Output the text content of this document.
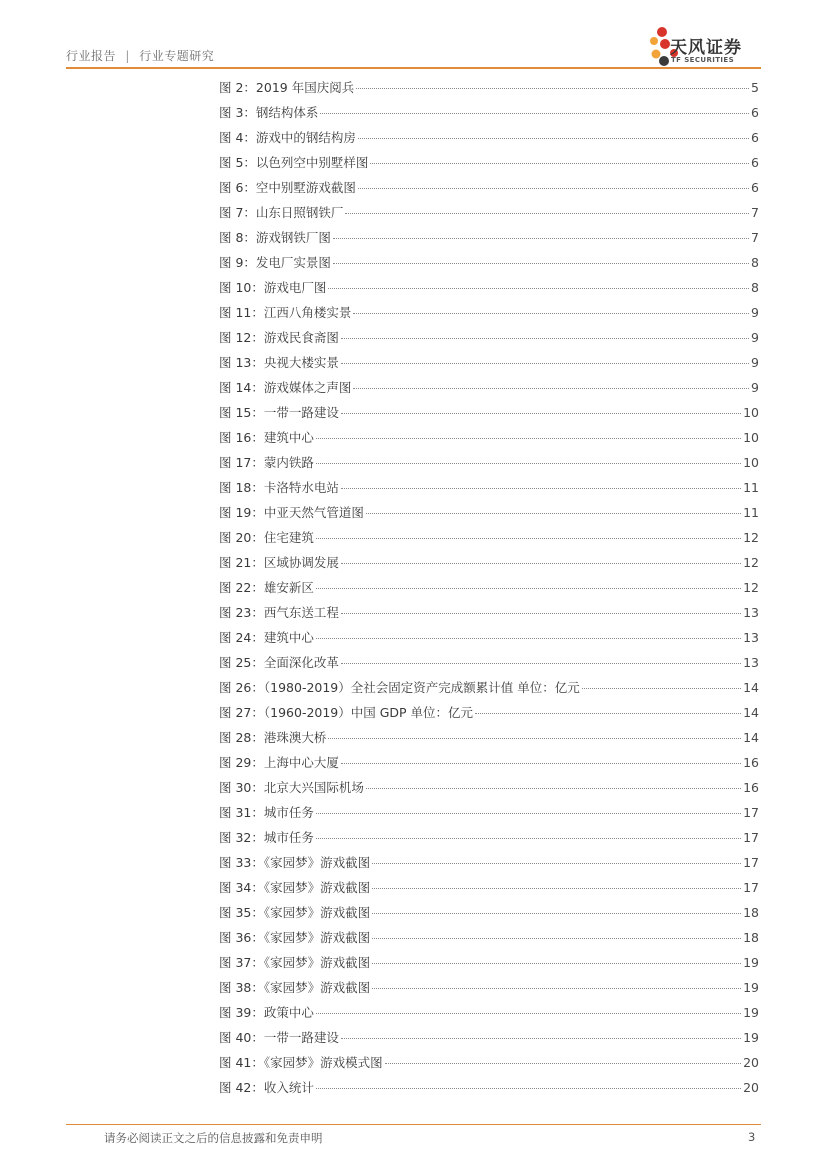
行业报告 | 行业专题研究	天风证券
TF SECURITIES
图 2：2019 年国庆阅兵	5
图 3：钢结构体系	6
图 4：游戏中的钢结构房	6
图 5：以色列空中别墅样图	6
图 6：空中别墅游戏截图	6
图 7：山东日照钢铁厂	7
图 8：游戏钢铁厂图	7
图 9：发电厂实景图	8
图 10：游戏电厂图	8
图 11：江西八角楼实景	9
图 12：游戏民食斋图	9
图 13：央视大楼实景	9
图 14：游戏媒体之声图	9
图 15：一带一路建设	10
图 16：建筑中心	10
图 17：蒙内铁路	10
图 18：卡洛特水电站	11
图 19：中亚天然气管道图	11
图 20：住宅建筑	12
图 21：区域协调发展	12
图 22：雄安新区	12
图 23：西气东送工程	13
图 24：建筑中心	13
图 25：全面深化改革	13
图 26：（1980-2019）全社会固定资产完成额累计值 单位：亿元	14
图 27：（1960-2019）中国 GDP 单位：亿元	14
图 28：港珠澳大桥	14
图 29：上海中心大厦	16
图 30：北京大兴国际机场	16
图 31：城市任务	17
图 32：城市任务	17
图 33：《家园梦》游戏截图	17
图 34：《家园梦》游戏截图	17
图 35：《家园梦》游戏截图	18
图 36：《家园梦》游戏截图	18
图 37：《家园梦》游戏截图	19
图 38：《家园梦》游戏截图	19
图 39：政策中心	19
图 40：一带一路建设	19
图 41：《家园梦》游戏模式图	20
图 42：收入统计	20
请务必阅读正文之后的信息披露和免责申明	3
